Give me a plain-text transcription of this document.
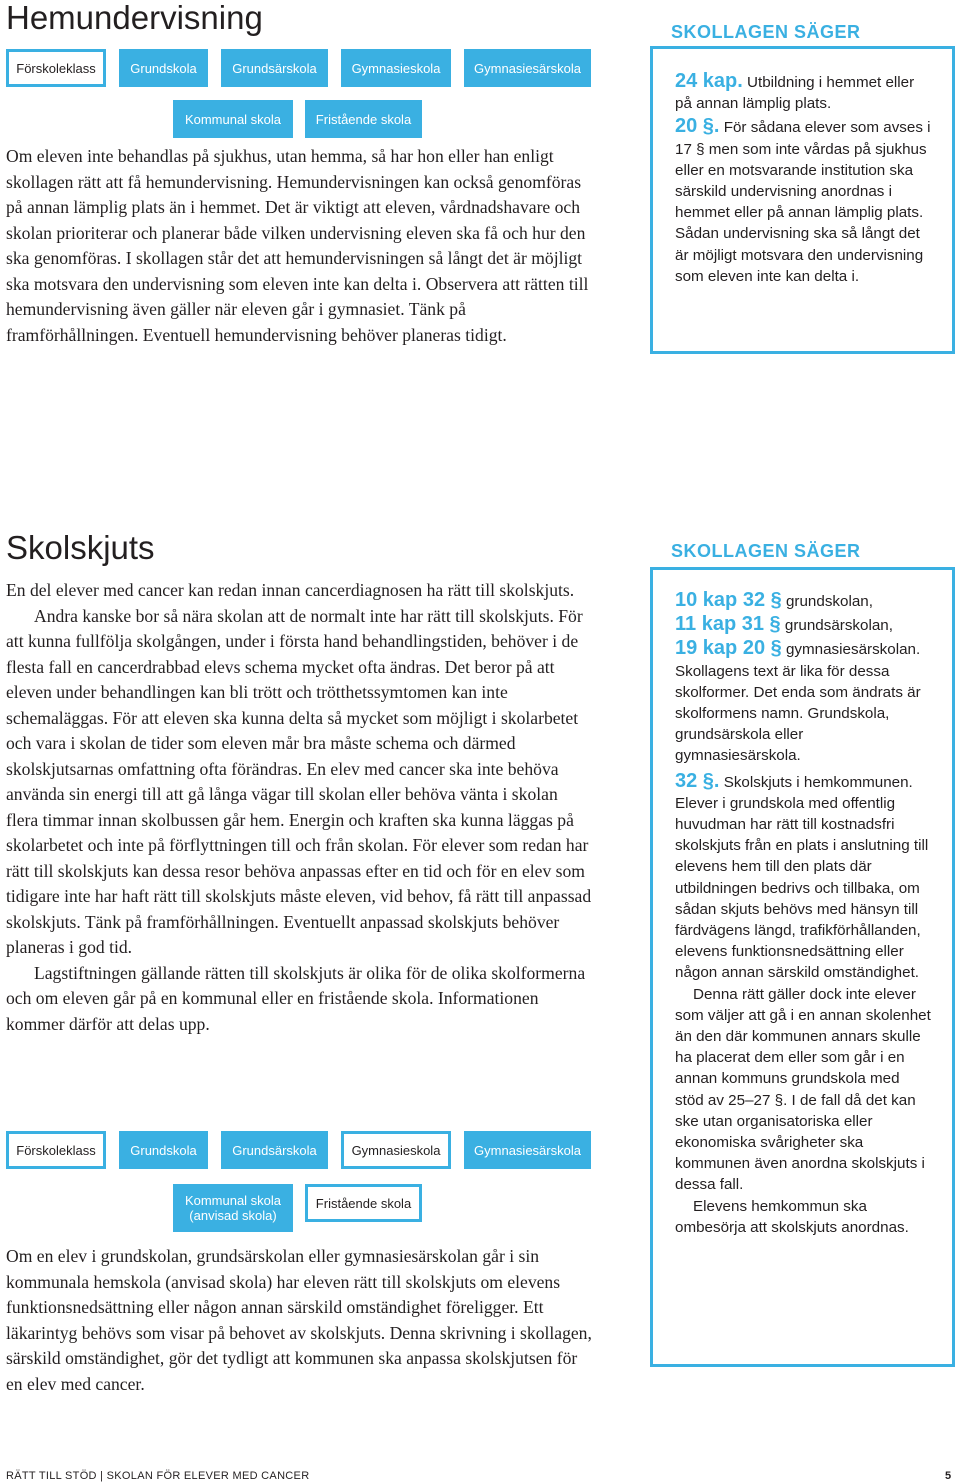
Hemundervisning
Förskoleklass	Grundskola	Grundsärskola	Gymnasieskola	Gymnasiesärskola
Kommunal skola	Fristående skola

Om eleven inte behandlas på sjukhus, utan hemma, så har hon eller han enligt skollagen rätt att få hemundervisning. Hemundervisningen kan också genomföras på annan lämplig plats än i hemmet. Det är viktigt att eleven, vårdnadshavare och skolan prioriterar och planerar både vilken undervisning eleven ska få och hur den ska genomföras. I skollagen står det att hemundervisningen så långt det är möjligt ska motsvara den undervisning som eleven inte kan delta i. Observera att rätten till hemundervisning även gäller när eleven går i gymnasiet. Tänk på framförhållningen. Eventuell hemundervisning behöver planeras tidigt.

SKOLLAGEN SÄGER

24 kap. Utbildning i hemmet eller på annan lämplig plats.

20 §. För sådana elever som avses i 17 § men som inte vårdas på sjukhus eller en motsvarande institution ska särskild undervisning anordnas i hemmet eller på annan lämplig plats. Sådan undervisning ska så långt det är möjligt motsvara den undervisning som eleven inte kan delta i.

Skolskjuts

En del elever med cancer kan redan innan cancerdiagnosen ha rätt till skolskjuts.

Andra kanske bor så nära skolan att de normalt inte har rätt till skolskjuts. För att kunna fullfölja skolgången, under i första hand behandlingstiden, behöver i de flesta fall en cancerdrabbad elevs schema mycket ofta ändras. Det beror på att eleven under behandlingen kan bli trött och trötthetssymtomen kan inte schemaläggas. För att eleven ska kunna delta så mycket som möjligt i skolarbetet och vara i skolan de tider som eleven mår bra måste schema och därmed skolskjutsarnas omfattning ofta förändras. En elev med cancer ska inte behöva använda sin energi till att gå långa vägar till skolan eller behöva vänta i skolan flera timmar innan skolbussen går hem. Energin och kraften ska kunna läggas på skolarbetet och inte på förflyttningen till och från skolan. För elever som redan har rätt till skolskjuts kan dessa resor behöva anpassas efter en tid och för en elev som tidigare inte har haft rätt till skolskjuts måste eleven, vid behov, få rätt till anpassad skolskjuts. Tänk på framförhållningen. Eventuellt anpassad skolskjuts behöver planeras i god tid.

Lagstiftningen gällande rätten till skolskjuts är olika för de olika skolformerna och om eleven går på en kommunal eller en fristående skola. Informationen kommer därför att delas upp.

Förskoleklass	Grundskola	Grundsärskola	Gymnasieskola	Gymnasiesärskola
Kommunal skola
(anvisad skola)
Fristående skola

Om en elev i grundskolan, grundsärskolan eller gymnasiesärskolan går i sin kommunala hemskola (anvisad skola) har eleven rätt till skolskjuts om elevens funktionsnedsättning eller någon annan särskild omständighet föreligger. Ett läkarintyg behövs som visar på behovet av skolskjuts. Denna skrivning i skollagen, särskild omständighet, gör det tydligt att kommunen ska anpassa skolskjutsen för en elev med cancer.

SKOLLAGEN SÄGER

10 kap 32 § grundskolan,

11 kap 31 § grundsärskolan,

19 kap 20 § gymnasiesärskolan. Skollagens text är lika för dessa skolformer. Det enda som ändrats är skolformens namn. Grundskola, grundsärskola eller gymnasiesärskola.

32 §. Skolskjuts i hemkommunen. Elever i grundskola med offentlig huvudman har rätt till kostnadsfri skolskjuts från en plats i anslutning till elevens hem till den plats där utbildningen bedrivs och tillbaka, om sådan skjuts behövs med hänsyn till färdvägens längd, trafikförhållanden, elevens funktionsnedsättning eller någon annan särskild omständighet.

Denna rätt gäller dock inte elever som väljer att gå i en annan skolenhet än den där kommunen annars skulle ha placerat dem eller som går i en annan kommuns grundskola med stöd av 25–27 §. I de fall då det kan ske utan organisatoriska eller ekonomiska svårigheter ska kommunen även anordna skolskjuts i dessa fall.

Elevens hemkommun ska ombesörja att skolskjuts anordnas.

RÄTT TILL STÖD | SKOLAN FÖR ELEVER MED CANCER	5
